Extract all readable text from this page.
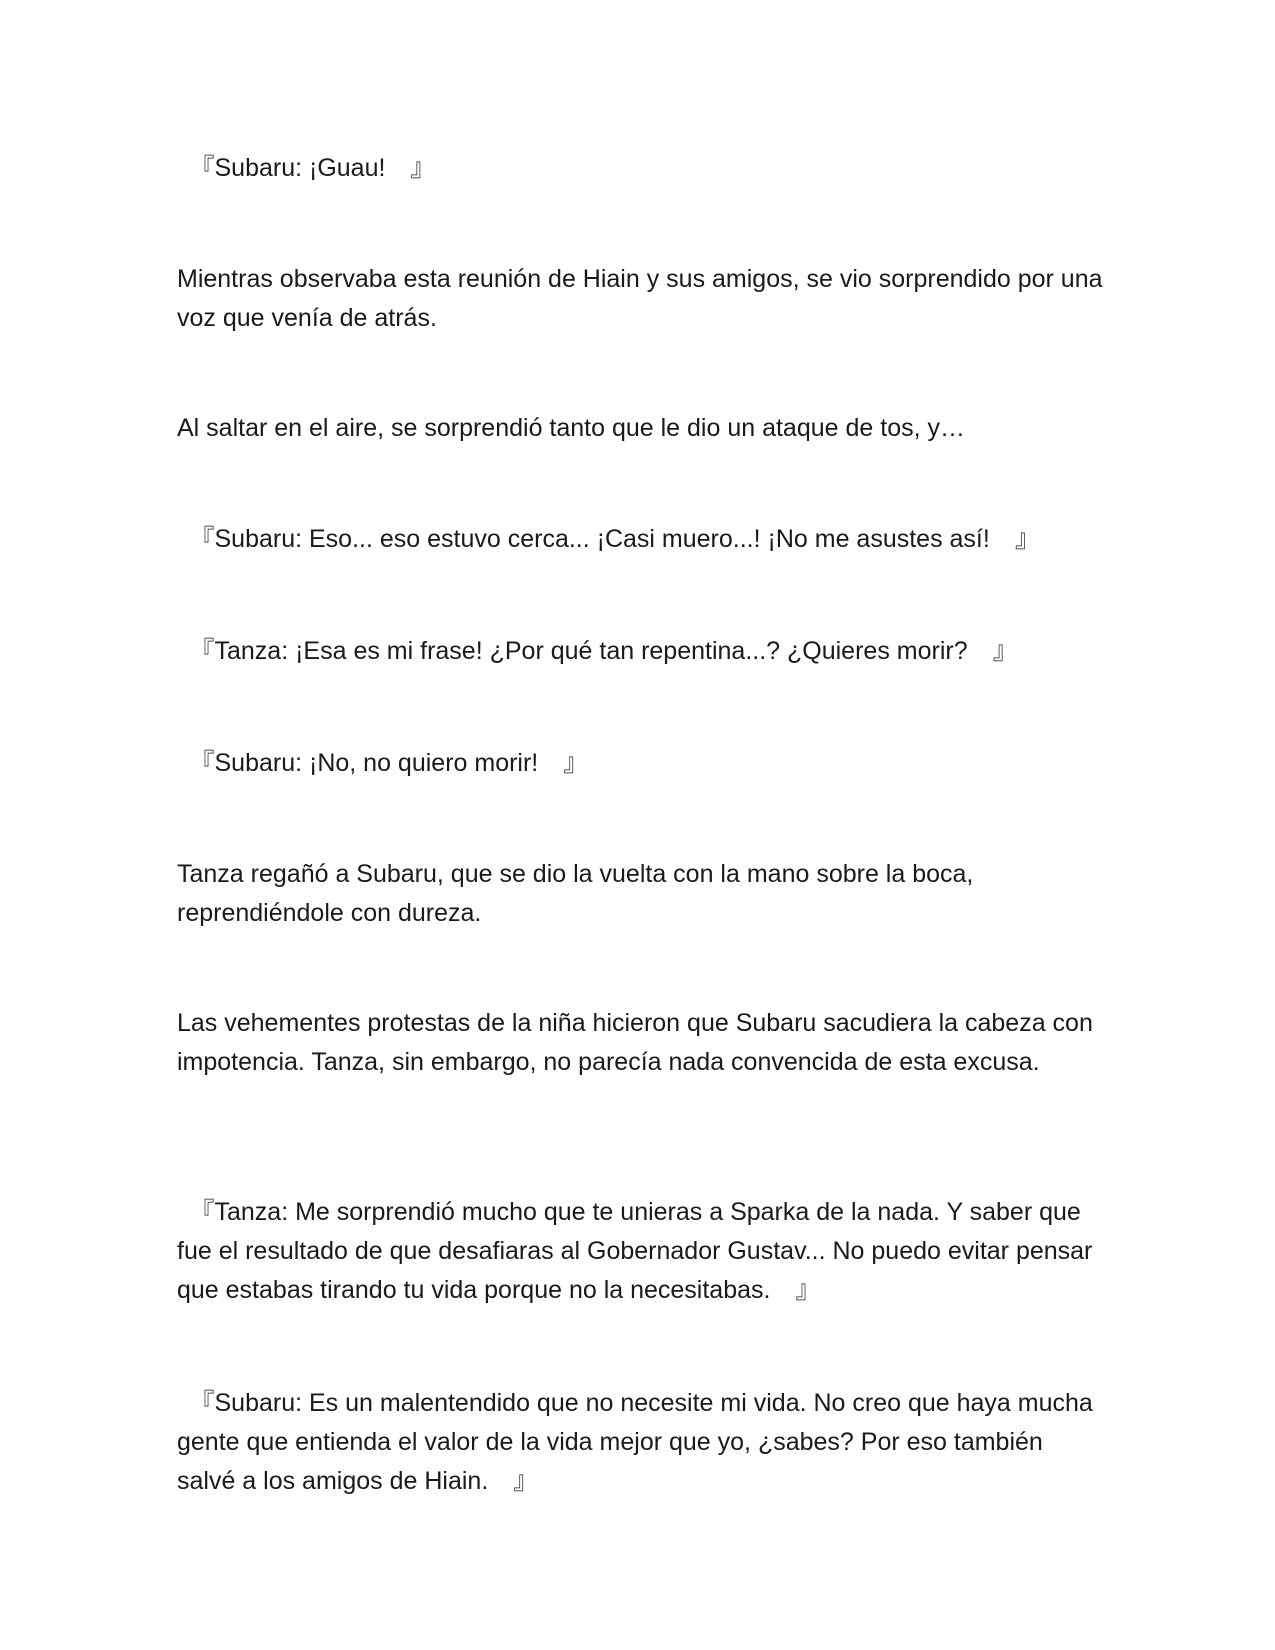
　『Subaru: ¡Guau!　』

Mientras observaba esta reunión de Hiain y sus amigos, se vio sorprendido por una voz que venía de atrás.

Al saltar en el aire, se sorprendió tanto que le dio un ataque de tos, y…

　『Subaru: Eso... eso estuvo cerca... ¡Casi muero...! ¡No me asustes así!　』

　『Tanza: ¡Esa es mi frase! ¿Por qué tan repentina...? ¿Quieres morir?　』

　『Subaru: ¡No, no quiero morir!　』

Tanza regañó a Subaru, que se dio la vuelta con la mano sobre la boca, reprendiéndole con dureza.

Las vehementes protestas de la niña hicieron que Subaru sacudiera la cabeza con impotencia. Tanza, sin embargo, no parecía nada convencida de esta excusa.

　『Tanza: Me sorprendió mucho que te unieras a Sparka de la nada. Y saber que fue el resultado de que desafiaras al Gobernador Gustav... No puedo evitar pensar que estabas tirando tu vida porque no la necesitabas.　』

　『Subaru: Es un malentendido que no necesite mi vida. No creo que haya mucha gente que entienda el valor de la vida mejor que yo, ¿sabes? Por eso también salvé a los amigos de Hiain.　』
